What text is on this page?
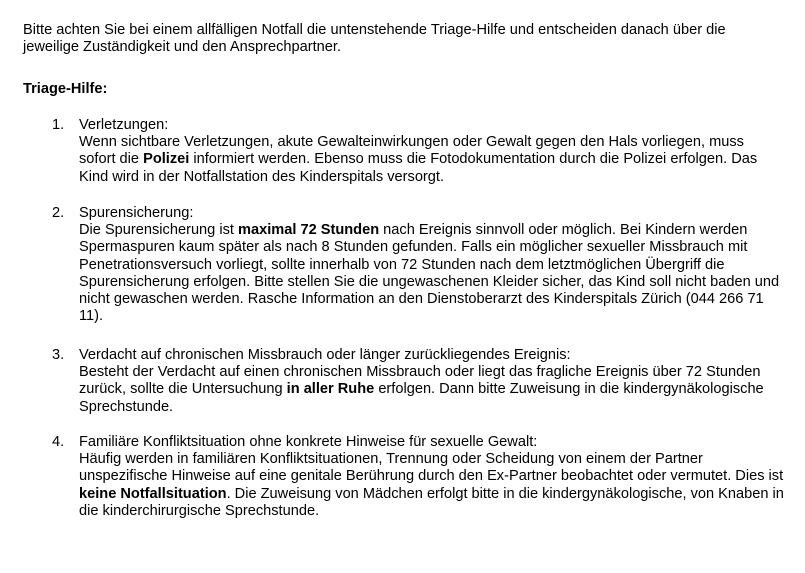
Bitte achten Sie bei einem allfälligen Notfall die untenstehende Triage-Hilfe und entscheiden danach über die jeweilige Zuständigkeit und den Ansprechpartner.

Triage-Hilfe:

1.	Verletzungen:
Wenn sichtbare Verletzungen, akute Gewalteinwirkungen oder Gewalt gegen den Hals vorliegen, muss sofort die Polizei informiert werden. Ebenso muss die Fotodokumentation durch die Polizei erfolgen. Das Kind wird in der Notfallstation des Kinderspitals versorgt.
2.	Spurensicherung:
Die Spurensicherung ist maximal 72 Stunden nach Ereignis sinnvoll oder möglich. Bei Kindern werden Spermaspuren kaum später als nach 8 Stunden gefunden. Falls ein möglicher sexueller Missbrauch mit Penetrationsversuch vorliegt, sollte innerhalb von 72 Stunden nach dem letztmöglichen Übergriff die Spurensicherung erfolgen. Bitte stellen Sie die ungewaschenen Kleider sicher, das Kind soll nicht baden und nicht gewaschen werden. Rasche Information an den Dienstoberarzt des Kinderspitals Zürich (044 266 71 11).
3.	Verdacht auf chronischen Missbrauch oder länger zurückliegendes Ereignis:
Besteht der Verdacht auf einen chronischen Missbrauch oder liegt das fragliche Ereignis über 72 Stunden zurück, sollte die Untersuchung in aller Ruhe erfolgen. Dann bitte Zuweisung in die kindergynäkologische Sprechstunde.
4.	Familiäre Konfliktsituation ohne konkrete Hinweise für sexuelle Gewalt:
Häufig werden in familiären Konfliktsituationen, Trennung oder Scheidung von einem der Partner unspezifische Hinweise auf eine genitale Berührung durch den Ex-Partner beobachtet oder vermutet. Dies ist keine Notfallsituation. Die Zuweisung von Mädchen erfolgt bitte in die kindergynäkologische, von Knaben in die kinderchirurgische Sprechstunde.
